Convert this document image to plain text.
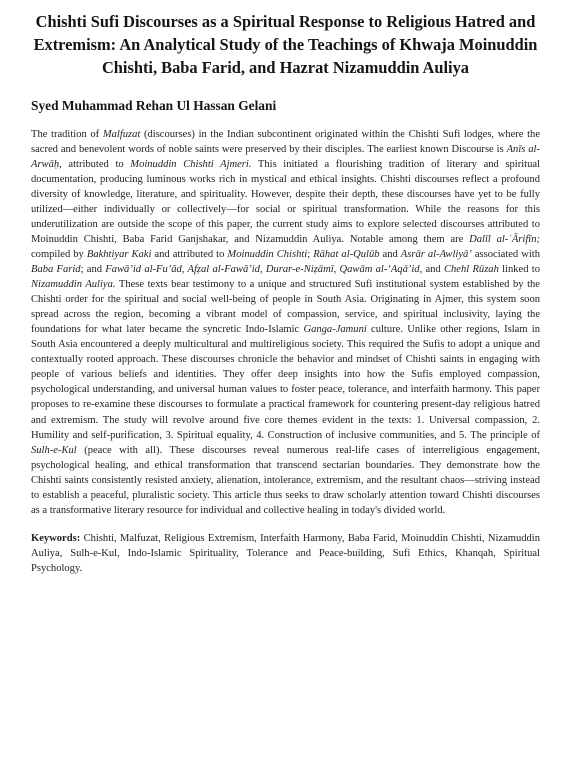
Chishti Sufi Discourses as a Spiritual Response to Religious Hatred and Extremism: An Analytical Study of the Teachings of Khwaja Moinuddin Chishti, Baba Farid, and Hazrat Nizamuddin Auliya

Syed Muhammad Rehan Ul Hassan Gelani

The tradition of Malfuzat (discourses) in the Indian subcontinent originated within the Chishti Sufi lodges, where the sacred and benevolent words of noble saints were preserved by their disciples. The earliest known Discourse is Anīs al-Arwāḥ, attributed to Moinuddin Chishti Ajmeri. This initiated a flourishing tradition of literary and spiritual documentation, producing luminous works rich in mystical and ethical insights. Chishti discourses reflect a profound diversity of knowledge, literature, and spirituality. However, despite their depth, these discourses have yet to be fully utilized—either individually or collectively—for social or spiritual transformation. While the reasons for this underutilization are outside the scope of this paper, the current study aims to explore selected discourses attributed to Moinuddin Chishti, Baba Farid Ganjshakar, and Nizamuddin Auliya. Notable among them are Dalīl al-ʿĀrifīn; compiled by Bakhtiyar Kaki and attributed to Moinuddin Chishti; Rāhat al-Qulūb and Asrār al-Awliyā’ associated with Baba Farid; and Fawā’id al-Fu’ād, Afẓal al-Fawā’id, Durar-e-Niẓāmī, Qawām al-‘Aqā’id, and Chehl Rūzah linked to Nizamuddin Auliya. These texts bear testimony to a unique and structured Sufi institutional system established by the Chishti order for the spiritual and social well-being of people in South Asia. Originating in Ajmer, this system soon spread across the region, becoming a vibrant model of compassion, service, and spiritual inclusivity, laying the foundations for what later became the syncretic Indo-Islamic Ganga-Jamuni culture. Unlike other regions, Islam in South Asia encountered a deeply multicultural and multireligious society. This required the Sufis to adopt a unique and contextually rooted approach. These discourses chronicle the behavior and mindset of Chishti saints in engaging with people of various beliefs and identities. They offer deep insights into how the Sufis employed compassion, psychological understanding, and universal human values to foster peace, tolerance, and interfaith harmony. This paper proposes to re-examine these discourses to formulate a practical framework for countering present-day religious hatred and extremism. The study will revolve around five core themes evident in the texts: 1. Universal compassion, 2. Humility and self-purification, 3. Spiritual equality, 4. Construction of inclusive communities, and 5. The principle of Sulh-e-Kul (peace with all). These discourses reveal numerous real-life cases of interreligious engagement, psychological healing, and ethical transformation that transcend sectarian boundaries. They demonstrate how the Chishti saints consistently resisted anxiety, alienation, intolerance, extremism, and the resultant chaos—striving instead to establish a peaceful, pluralistic society. This article thus seeks to draw scholarly attention toward Chishti discourses as a transformative literary resource for individual and collective healing in today's divided world.

Keywords: Chishti, Malfuzat, Religious Extremism, Interfaith Harmony, Baba Farid, Moinuddin Chishti, Nizamuddin Auliya, Sulh-e-Kul, Indo-Islamic Spirituality, Tolerance and Peace-building, Sufi Ethics, Khanqah, Spiritual Psychology.
